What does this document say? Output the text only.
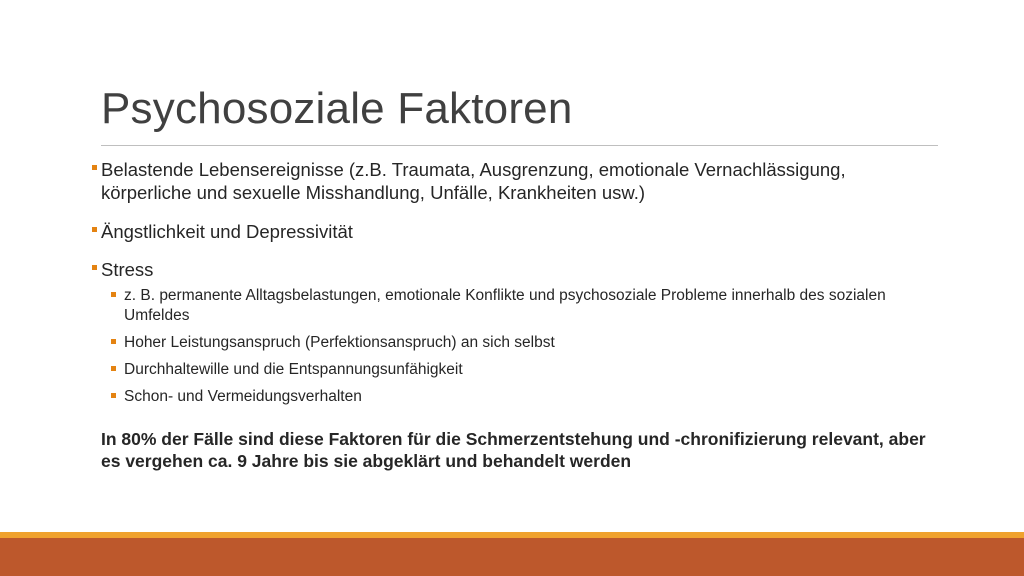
Psychosoziale Faktoren
Belastende Lebensereignisse (z.B. Traumata, Ausgrenzung, emotionale Vernachlässigung, körperliche und sexuelle Misshandlung, Unfälle, Krankheiten usw.)
Ängstlichkeit und Depressivität
Stress
z. B. permanente Alltagsbelastungen, emotionale Konflikte und psychosoziale Probleme innerhalb des sozialen Umfeldes
Hoher Leistungsanspruch (Perfektionsanspruch) an sich selbst
Durchhaltewille und die Entspannungsunfähigkeit
Schon- und Vermeidungsverhalten
In 80% der Fälle sind diese Faktoren für die Schmerzentstehung und -chronifizierung relevant, aber es vergehen ca. 9 Jahre bis sie abgeklärt und behandelt werden
